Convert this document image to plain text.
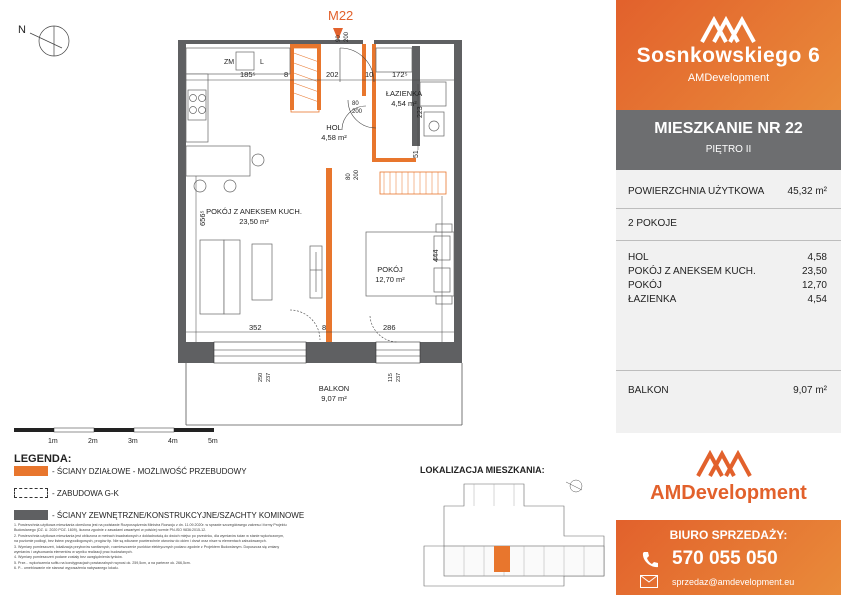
N
M22
ZM	L
185⁵	8	202	10 172⁵
80
200	223
80 200
90 200
51
656⁵
444
352	8	286
250 237	115 237
HOL
4,58 m²
ŁAZIENKA
4,54 m²
POKÓJ Z ANEKSEM KUCH.
23,50 m²
POKÓJ
12,70 m²
BALKON
9,07 m²
1m	2m	3m	4m	5m
Sosnkowskiego 6
AMDevelopment
MIESZKANIE NR 22
PIĘTRO II
POWIERZCHNIA UŻYTKOWA 45,32 m²
2 POKOJE
HOL	4,58
POKÓJ Z ANEKSEM KUCH.	23,50
POKÓJ	12,70
ŁAZIENKA	4,54
BALKON	9,07 m²
LEGENDA:
- ŚCIANY DZIAŁOWE - MOŻLIWOŚĆ PRZEBUDOWY
- ZABUDOWA G-K
- ŚCIANY ZEWNĘTRZNE/KONSTRUKCYJNE/SZACHTY KOMINOWE
1. Powierzchnia użytkowa mieszkania określona jest na podstawie Rozporządzenia Ministra Rozwoju z dn. 11.09.2020r. w sprawie szczegółowego zakresu i formy Projektu
Budowlanego (DZ. U. 2020 POZ. 1609), liczona zgodnie z zasadami zawartymi w polskiej normie PN-ISO 9836:2015-12.
2. Powierzchnia użytkowa mieszkania jest obliczona w metrach kwadratowych z dokładnością do dwóch miejsc po przecinku, dla wymiarów ścian w stanie wykończonym,
na poziomie podłogi, bez listew przypodłogowych, progów itp. Nie są wliczane powierzchnie otworów do okien i drzwi oraz nisze w elementach zabudowanych.
3. Wymiary pomieszczeń, lokalizacja przyborów sanitarnych, rozmieszczenie punktów elektrycznych podano zgodnie z Projektem Budowlanym. Dopuszcza się zmiany
wymiarów i usytuowania elementów w wyniku realizacji prac budowlanych.
4. Wymiary pomieszczeń podane zostały bez uwzględnienia tynków.
5. Prze... wykończenia sufitu na kondygnacjach powtarzalnych wynosi ok. 259,5cm, a na parterze ok. 266,5cm.
6. P... umeblowanie nie stanowi wyposażenia nabywanego lokalu.
LOKALIZACJA MIESZKANIA:
AMDevelopment
BIURO SPRZEDAŻY:
570 055 050
sprzedaz@amdevelopment.eu
